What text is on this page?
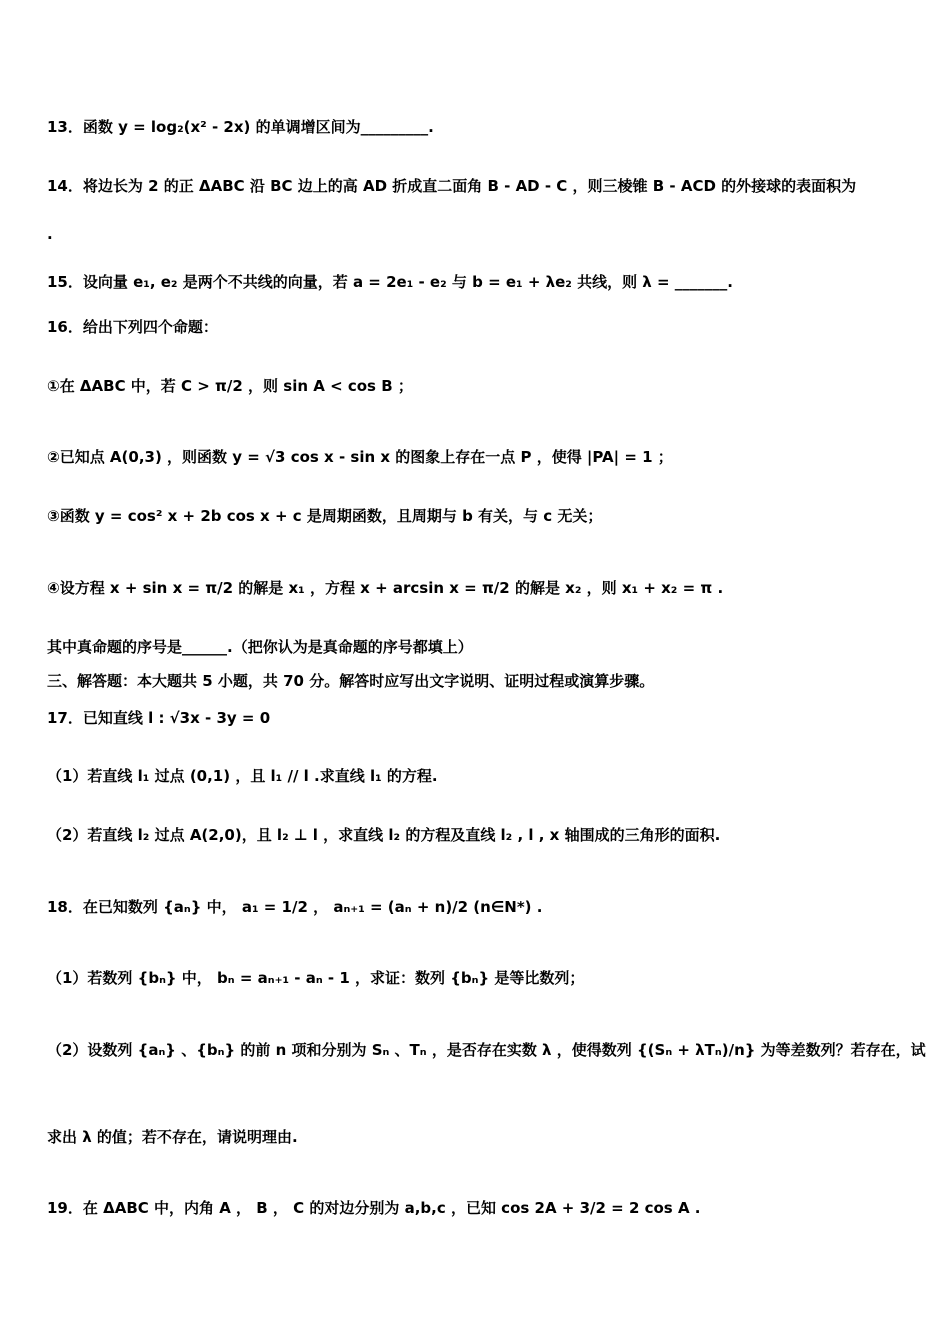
13．函数 y = log₂(x² - 2x) 的单调增区间为_________.
14．将边长为 2 的正 ΔABC 沿 BC 边上的高 AD 折成直二面角 B - AD - C ，则三棱锥 B - ACD 的外接球的表面积为
.
15．设向量 e₁, e₂ 是两个不共线的向量，若 a = 2e₁ - e₂ 与 b = e₁ + λe₂ 共线，则 λ = _______.
16．给出下列四个命题：
①在 ΔABC 中，若 C > π/2 ，则 sin A < cos B ；
②已知点 A(0,3) ，则函数 y = √3 cos x - sin x 的图象上存在一点 P ，使得 |PA| = 1 ；
③函数 y = cos² x + 2b cos x + c 是周期函数，且周期与 b 有关，与 c 无关；
④设方程 x + sin x = π/2 的解是 x₁ ，方程 x + arcsin x = π/2 的解是 x₂ ，则 x₁ + x₂ = π .
其中真命题的序号是______.（把你认为是真命题的序号都填上）
三、解答题：本大题共 5 小题，共 70 分。解答时应写出文字说明、证明过程或演算步骤。
17．已知直线 l : √3x - 3y = 0
（1）若直线 l₁ 过点 (0,1) ，且 l₁ // l .求直线 l₁ 的方程.
（2）若直线 l₂ 过点 A(2,0)，且 l₂ ⊥ l ，求直线 l₂ 的方程及直线 l₂ , l , x 轴围成的三角形的面积.
18．在已知数列 {aₙ} 中， a₁ = 1/2 ， aₙ₊₁ = (aₙ + n)/2 (n∈N*) .
（1）若数列 {bₙ} 中， bₙ = aₙ₊₁ - aₙ - 1 ，求证：数列 {bₙ} 是等比数列；
（2）设数列 {aₙ} 、{bₙ} 的前 n 项和分别为 Sₙ 、Tₙ ，是否存在实数 λ ，使得数列 {(Sₙ + λTₙ)/n} 为等差数列？若存在，试
求出 λ 的值；若不存在，请说明理由.
19．在 ΔABC 中，内角 A ， B ， C 的对边分别为 a,b,c ，已知 cos 2A + 3/2 = 2 cos A .
